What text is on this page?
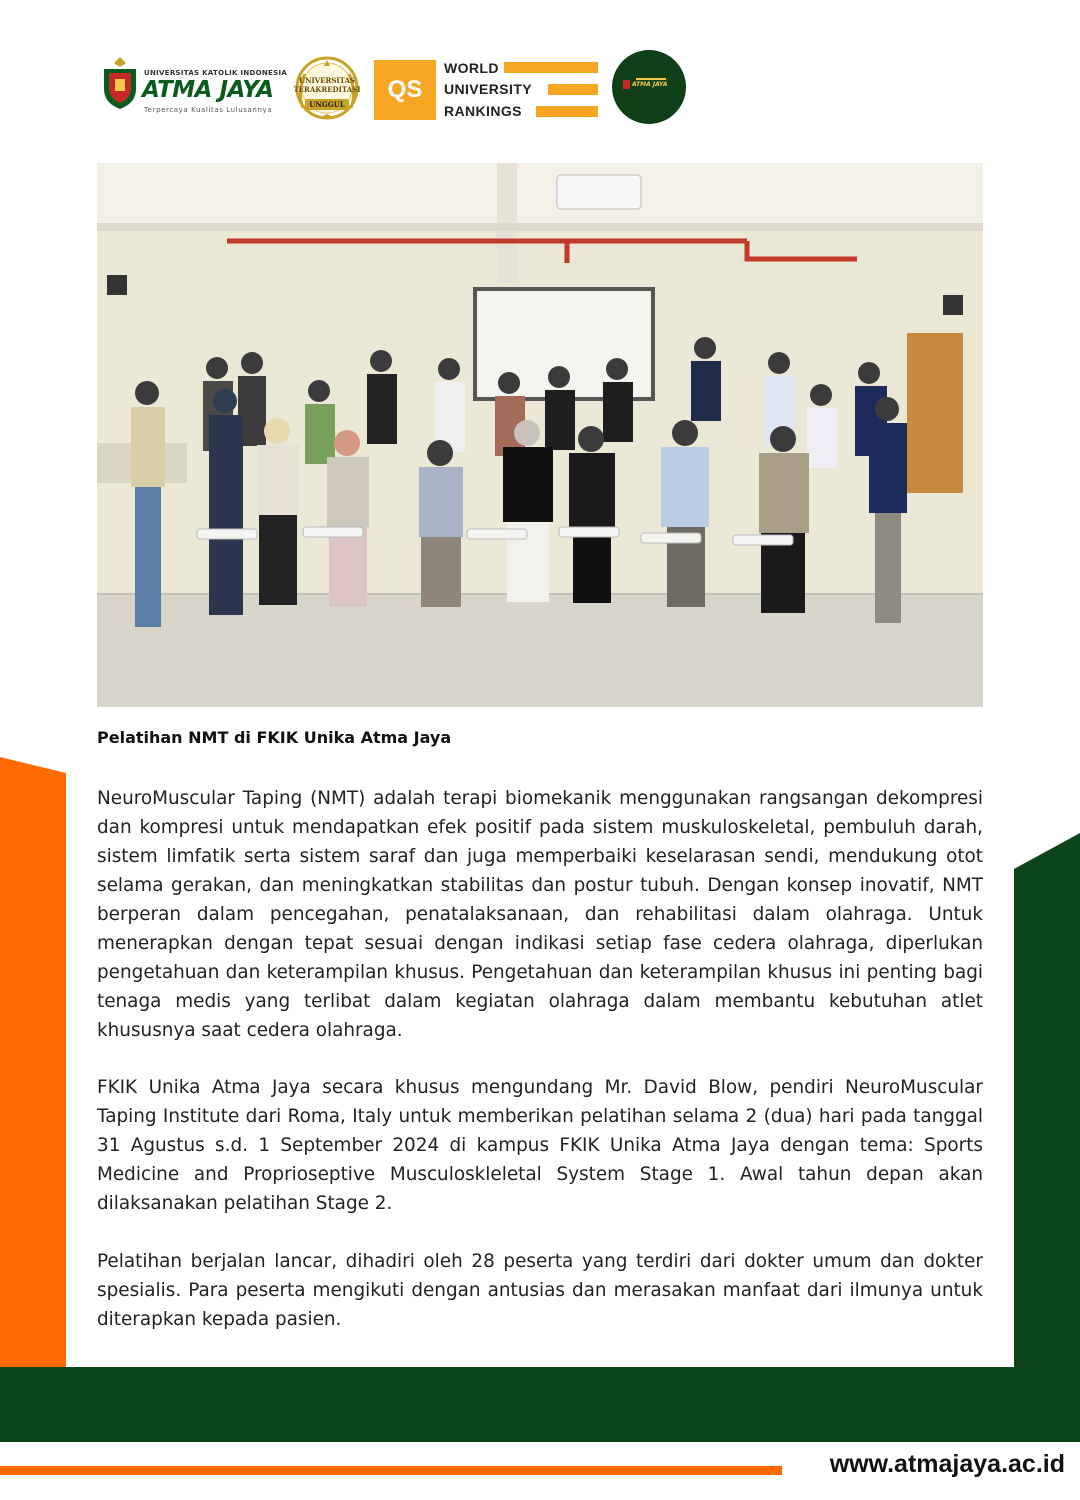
UNIVERSITAS KATOLIK INDONESIA
ATMA JAYA
Terpercaya Kualitas Lulusannya
UNIVERSITAS
TERAKREDITASI
UNGGUL
QS
WORLD
UNIVERSITY
RANKINGS
ATMA JAYA
Pelatihan NMT di FKIK Unika Atma Jaya

NeuroMuscular Taping (NMT) adalah terapi biomekanik menggunakan rangsangan dekompresi dan kompresi untuk mendapatkan efek positif pada sistem muskuloskeletal, pembuluh darah, sistem limfatik serta sistem saraf dan juga memperbaiki keselarasan sendi, mendukung otot selama gerakan, dan meningkatkan stabilitas dan postur tubuh. Dengan konsep inovatif, NMT berperan dalam pencegahan, penatalaksanaan, dan rehabilitasi dalam olahraga. Untuk menerapkan dengan tepat sesuai dengan indikasi setiap fase cedera olahraga, diperlukan pengetahuan dan keterampilan khusus. Pengetahuan dan keterampilan khusus ini penting bagi tenaga medis yang terlibat dalam kegiatan olahraga dalam membantu kebutuhan atlet khususnya saat cedera olahraga.

FKIK Unika Atma Jaya secara khusus mengundang Mr. David Blow, pendiri NeuroMuscular Taping Institute dari Roma, Italy untuk memberikan pelatihan selama 2 (dua) hari pada tanggal 31 Agustus s.d. 1 September 2024 di kampus FKIK Unika Atma Jaya dengan tema: Sports Medicine and Proprioseptive Musculoskleletal System Stage 1. Awal tahun depan akan dilaksanakan pelatihan Stage 2.

Pelatihan berjalan lancar, dihadiri oleh 28 peserta yang terdiri dari dokter umum dan dokter spesialis. Para peserta mengikuti dengan antusias dan merasakan manfaat dari ilmunya untuk diterapkan kepada pasien.

www.atmajaya.ac.id
